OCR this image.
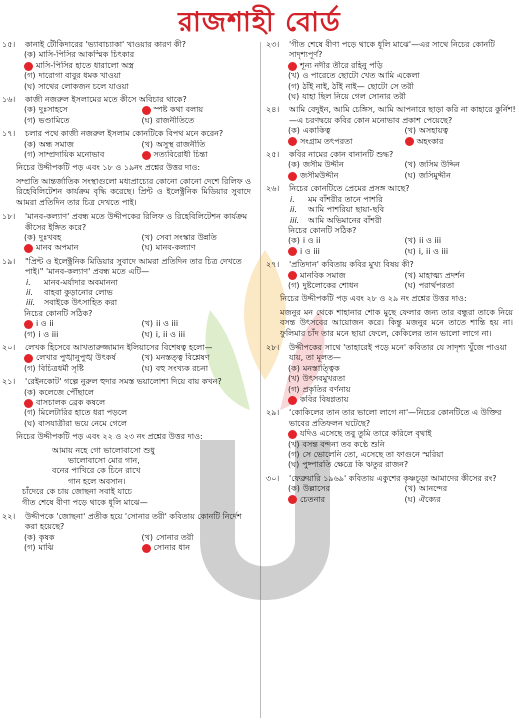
রাজশাহী বোর্ড
১৫।	কানাই টৌকিদারের 'ভ্যাবাচ্যাকা' খাওয়ার কারণ কী?
(ক) মাসি-পিসির আকস্মিক চিৎকার
মাসি-পিসির হাতে ধারালো অস্ত্র
(গ) দারোগা বাবুর ধমক খাওয়া
(ঘ) সাথের লোকজন চলে যাওয়া
১৬।	কাজী নজরুল ইসলামের মতে কীসে অবিচার থাকে?
(ক) দুঃসাহসে	স্পষ্ট কথা বলায়
(গ) ভণ্ডামিতে	(ঘ) রাজনীতিতে
১৭।	চলার পথে কাজী নজরুল ইসলাম কোনটিকে বিপথ মনে করেন?
(ক) অন্ধ সমাজ	(খ) অসুস্থ রাজনীতি
(গ) সাম্প্রদায়িক মনোভাব	সত্যবিরোধী চিন্তা
নিচের উদ্দীপকটি পড় এবং ১৮ ও ১৯নং প্রশ্নের উত্তর দাও:
সম্প্রতি আন্তর্জাতিক সংস্থাগুলো মধ্যপ্রাচ্যের কোনো কোনো দেশে রিলিফ ও রিহেবিলিটেশন কার্যক্রম বৃদ্ধি করেছে। প্রিন্ট ও ইলেক্ট্রনিক মিডিয়ার সুবাদে আমরা প্রতিদিন তার চিত্র দেখতে পাই।
১৮।	'মানব-কল্যাণ' প্রবন্ধ মতে উদ্দীপকের রিলিফ ও রিহেবিলিটেশন কার্যক্রম কীসের ইঙ্গিত করে?
(ক) দুঃখবহ	(খ) সেবা সংস্কার উন্নতি
মানব অপমান	(ঘ) মানব-কল্যাণ
১৯।	"প্রিন্ট ও ইলেক্ট্রনিক মিডিয়ার সুবাদে আমরা প্রতিদিন তার চিত্র দেখতে পাই।" 'মানব-কল্যাণ' প্রবন্ধ মতে এটি—
i.	মানব-মর্যাদার অবমাননা
ii.	বাহবা কুড়ানোর লোভ
iii.	সবাইকে উৎসাহিত করা
নিচের কোনটি সঠিক?
i ও ii	(খ) ii ও iii
(গ) i ও iii	(ঘ) i, ii ও iii
২০।	লেখক হিসেবে আখতারুজ্জামান ইলিয়াসের বিশেষত্ব হলো—
লেখার পুঙ্খানুপুঙ্খ উৎকর্ষ	(খ) মনস্তত্ত্ব বিশ্লেষণ
(গ) বিচিত্রধর্মী সৃষ্টি	(ঘ) বহু সংখ্যক রচনা
২১।	'রেইনকোট' গল্পে নুরুল হুদার সমস্ত ভয়ালোশা দিয়ে বায় কখন?
(ক) কলেজে পৌঁছালে
বাসচালক ব্রেক কষলে
(গ) মিলেটারির হাতে ধরা পড়লে
(ঘ) বাসযাত্রীরা ভয়ে নেমে গেলে
নিচের উদ্দীপকটি পড় এবং ২২ ও ২৩ নং প্রশ্নের উত্তর দাও:
আমায় নহে গো ভালোবাসো শুধু
ভালোবাসো মোর গান,
বনের পাখিরে কে চিনে রাখে
গান হলে অবসান।
চাঁদেরে কে চায় জোছনা সবাই যাচে
গীত শেষে বীণা পড়ে থাকে ধূলি মাঝে—
২২।	উদ্দীপকে 'জোছনা' প্রতীক হয়ে 'সোনার তরী' কবিতায় কোনটি নির্দেশ করা হয়েছে?
(ক) কৃষক	(খ) সোনার তরী
(গ) মাঝি	সোনার ধান
২৩।	'গীত শেষে বীণা পড়ে থাকে ধূলি মাঝে'—এর সাথে নিচের কোনটি সাদৃশ্যপূর্ণ?
শূন্য নদীর তীরে রহিনু পড়ি
(খ) ও পারেতে ছোটো খেত আমি একেলা
(গ) ঠাঁই নাই, ঠাঁই নাই— ছোটো সে তরী
(ঘ) যাহা ছিল নিয়ে গেল সোনার তরী
২৪।	আমি বেদুইন, আমি চেঙ্গিস, আমি আপনারে ছাড়া করি না কাহারে কুর্নিশ!—এ চরণদ্বয়ে কবির কোন মনোভাব প্রকাশ পেয়েছে?
(ক) একাকিত্ব	(খ) অসহায়ত্ব
সংগ্রাম তৎপরতা	অহংকার
২৫।	কবির নামের কোন বানানটি শুদ্ধ?
(ক) জসীম উদ্দীন	(খ) জসিম উদ্দিন
জসীমউদ্দীন	(ঘ) জসিমুদ্দীন
২৬।	নিচের কোনটিতে প্রেমের প্রসঙ্গ আছে?
i.	মম বাঁশরীর তানে পাশরি
ii.	আমি পাশরিয়া ছায়া-ছবি
iii.	আমি অভিমানের বাঁশরী
নিচের কোনটি সঠিক?
(ক) i ও ii	(খ) ii ও iii
i ও iii	(ঘ) i, ii ও iii
২৭।	'প্রতিদান' কবিতায় কবির মুখ্য বিষয় কী?
মানবিক সমাজ	(খ) মাহাত্ম্য প্রদর্শন
(গ) দুষ্টলোকের শোধন	(ঘ) পরার্থপরতা
নিচের উদ্দীপকটি পড় এবং ২৮ ও ২৯ নং প্রশ্নের উত্তর দাও:
মজনুর মন থেকে শাহানার শোক মুছে ফেলার জন্য তার বন্ধুরা তাকে নিয়ে বসন্ত উৎসবের আয়োজন করে। কিন্তু মজনুর মনে তাতে শান্তি হয় না। ফুলিমার চাঁদ তার মনে ছায়া ফেলে, কেকিলের তান ভালো লাগে না।
২৮।	উদ্দীপকের সাথে 'তাহারেই পড়ে মনে' কবিতার যে সাদৃশ্য খুঁজে পাওয়া যায়, তা মূলত—
(ক) মনস্তাত্ত্বিক
(খ) উৎসবমুখরতা
(গ) প্রকৃতির বর্ণনায়
কবির বিষণ্ণতায়
২৯।	'কোকিলের তান তার ভালো লাগে না'—নিচের কোনটিতে এ উক্তির ভাবের প্রতিফলন ঘটেছে?
যদিও এসেছে তবু তুমি তারে করিলে বৃথাই
(খ) বসন্ত বন্দনা তব কণ্ঠে শুনি
(গ) সে ভোলেনি তো, এসেছে তা ফাগুনে স্মরিয়া
(ঘ) পুষ্পারতি ক্ষেত্রে কি ঋতুর রাজন?
৩০।	'ফেব্রুয়ারি ১৯৬৯' কবিতায় একুশের কৃষ্ণচূড়া আমাদের কীসের রং?
(ক) উল্লাসের	(খ) আনন্দের
চেতনার	(ঘ) ঐক্যের
